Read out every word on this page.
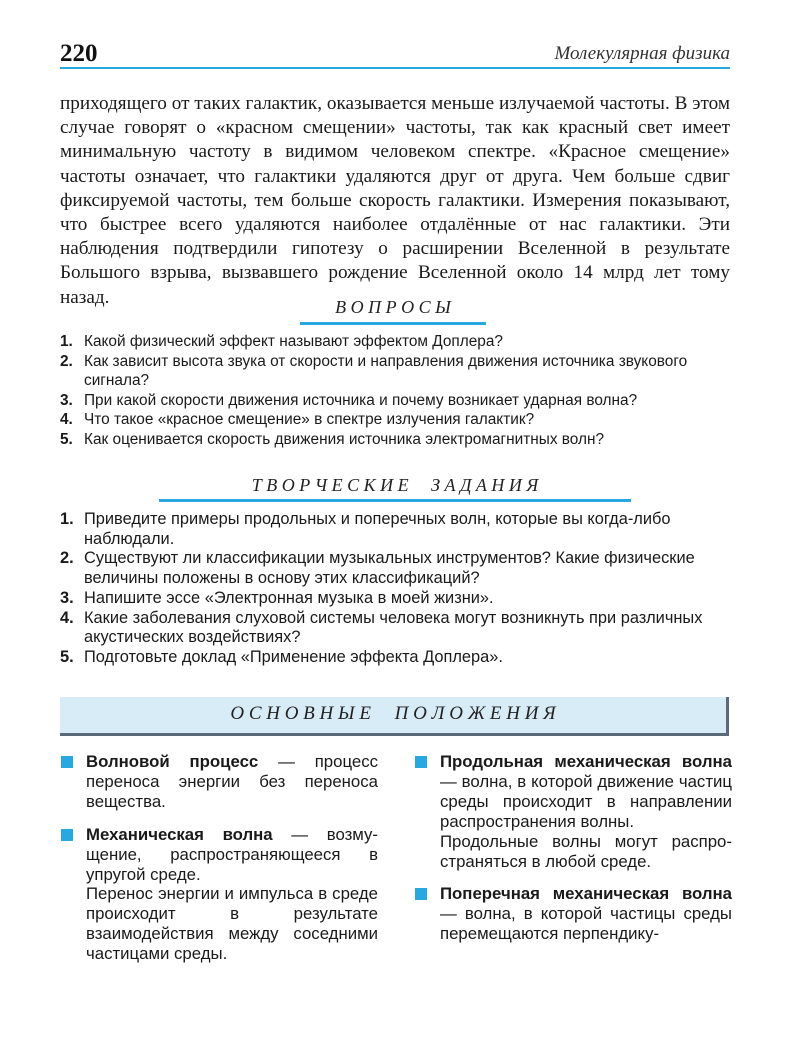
220	Молекулярная физика
приходящего от таких галактик, оказывается меньше излучаемой частоты. В этом случае говорят о «красном смещении» частоты, так как красный свет имеет минимальную частоту в видимом человеком спектре. «Красное смещение» частоты означает, что галактики удаляются друг от друга. Чем больше сдвиг фиксируемой частоты, тем больше скорость галактики. Измерения показывают, что быстрее всего удаляются наиболее отдалённые от нас галактики. Эти наблюдения подтвердили гипотезу о расширении Вселенной в результате Большого взрыва, вызвавшего рождение Вселенной около 14 млрд лет тому назад.	В О П Р О С Ы
1. Какой физический эффект называют эффектом Доплера?
2. Как зависит высота звука от скорости и направления движения источника звукового сигнала?
3. При какой скорости движения источника и почему возникает ударная волна?
4. Что такое «красное смещение» в спектре излучения галактик?
5. Как оценивается скорость движения источника электромагнитных волн?
Т В О Р Ч Е С К И Е     З А Д А Н И Я
1. Приведите примеры продольных и поперечных волн, которые вы когда-либо наблюдали.
2. Существуют ли классификации музыкальных инструментов? Какие физические величины положены в основу этих классификаций?
3. Напишите эссе «Электронная музыка в моей жизни».
4. Какие заболевания слуховой системы человека могут возникнуть при различных акустических воздействиях?
5. Подготовьте доклад «Применение эффекта Доплера».
О С Н О В Н Ы Е     П О Л О Ж Е Н И Я

Волновой процесс — процесс переноса энергии без переноса вещества.

Механическая волна — возмущение, распространяющееся в упругой среде.

Перенос энергии и импульса в среде происходит в результате взаимодействия между соседними частицами среды.

Продольная механическая волна — волна, в которой движение частиц среды происходит в направлении распространения волны.

Продольные волны могут распространяться в любой среде.

Поперечная механическая волна — волна, в которой частицы среды перемещаются перпендику-
